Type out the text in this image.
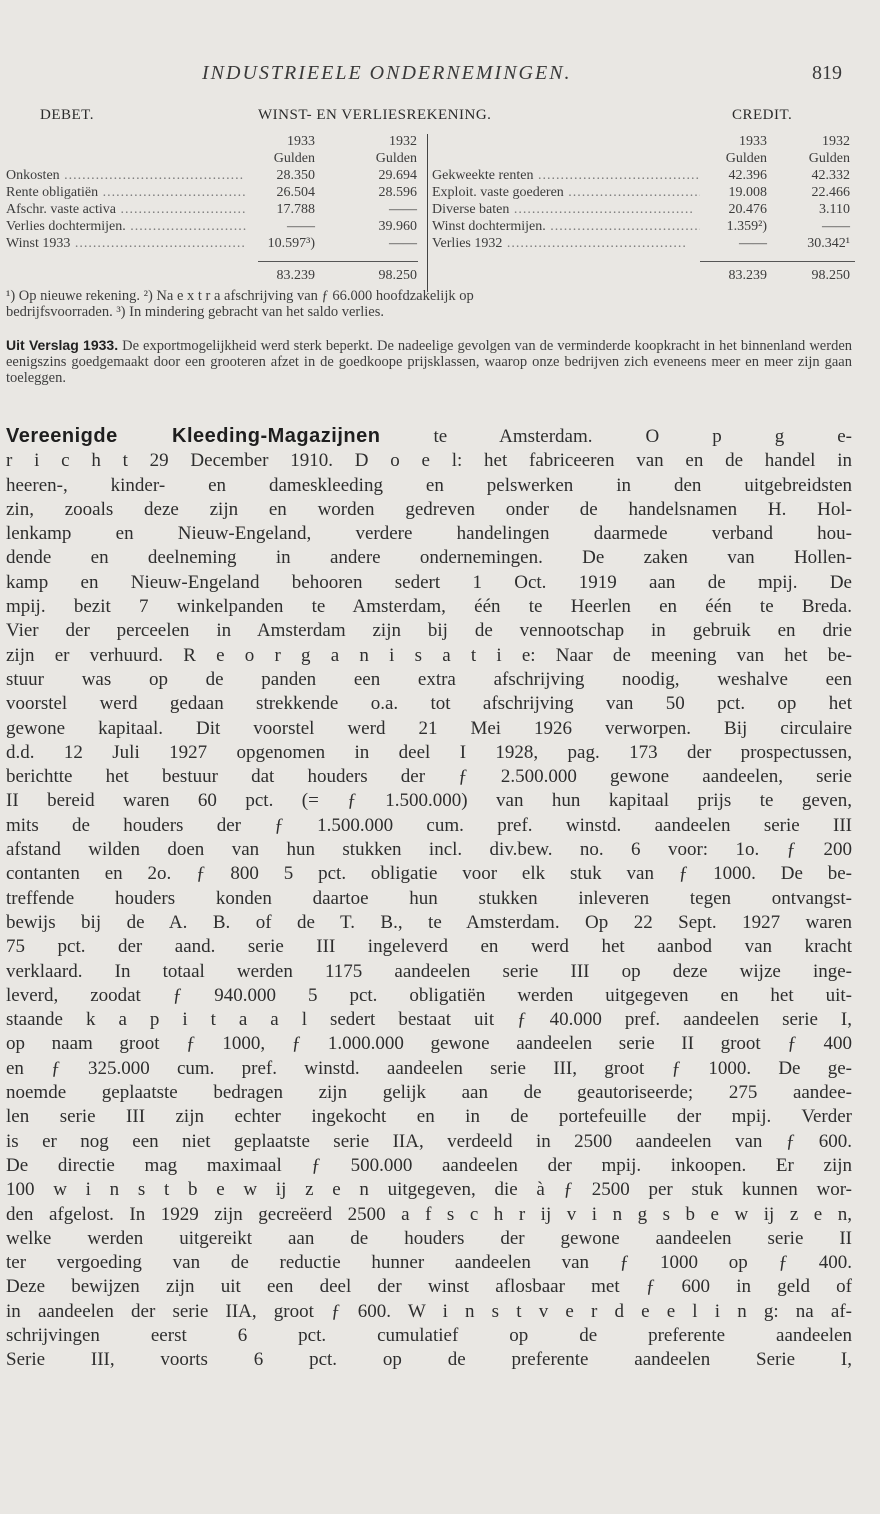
INDUSTRIEELE ONDERNEMINGEN.	819
DEBET.	WINST- EN VERLIESREKENING.	CREDIT.
1933	1932	1933	1932
Gulden	Gulden	Gulden	Gulden
Onkosten .....	28.350	29.694
Rente obligatiën .....	26.504	28.596
Afschr. vaste activa .....	17.788	——
Verlies dochtermijen. .....	——	39.960
Winst 1933 .....	10.597³)	——
Gekweekte renten .....	42.396	42.332
Exploit. vaste goederen .....	19.008	22.466
Diverse baten .....	20.476	3.110
Winst dochtermijen. .....	1.359²)	——
Verlies 1932 .....	——	30.342¹
83.239	98.250	83.239	98.250
¹) Op nieuwe rekening. ²) Na e x t r a afschrijving van ƒ 66.000 hoofdzakelijk op
bedrijfsvoorraden. ³) In mindering gebracht van het saldo verlies.
Uit Verslag 1933. De exportmogelijkheid werd sterk beperkt. De nadeelige gevolgen van de verminderde koopkracht in het binnenland werden eenigszins goedgemaakt door een grooteren afzet in de goedkoope prijsklassen, waarop onze bedrijven zich eveneens meer en meer zijn gaan toeleggen.
Vereenigde Kleeding-Magazijnen	te Amsterdam. O p g e-
r i c h t 29 December 1910. D o e l: het fabriceeren van en de handel in
heeren-, kinder- en dameskleeding en pelswerken in den uitgebreidsten
zin, zooals deze zijn en worden gedreven onder de handelsnamen H. Hol-
lenkamp en Nieuw-Engeland, verdere handelingen daarmede verband hou-
dende en deelneming in andere ondernemingen. De zaken van Hollen-
kamp en Nieuw-Engeland behooren sedert 1 Oct. 1919 aan de mpij. De
mpij. bezit 7 winkelpanden te Amsterdam, één te Heerlen en één te Breda.
Vier der perceelen in Amsterdam zijn bij de vennootschap in gebruik en drie
zijn er verhuurd. R e o r g a n i s a t i e: Naar de meening van het be-
stuur was op de panden een extra afschrijving noodig, weshalve een
voorstel werd gedaan strekkende o.a. tot afschrijving van 50 pct. op het
gewone kapitaal. Dit voorstel werd 21 Mei 1926 verworpen. Bij circulaire
d.d. 12 Juli 1927 opgenomen in deel I 1928, pag. 173 der prospectussen,
berichtte het bestuur dat houders der ƒ 2.500.000 gewone aandeelen, serie
II bereid waren 60 pct. (= ƒ 1.500.000) van hun kapitaal prijs te geven,
mits de houders der ƒ 1.500.000 cum. pref. winstd. aandeelen serie III
afstand wilden doen van hun stukken incl. div.bew. no. 6 voor: 1o. ƒ 200
contanten en 2o. ƒ 800 5 pct. obligatie voor elk stuk van ƒ 1000. De be-
treffende houders konden daartoe hun stukken inleveren tegen ontvangst-
bewijs bij de A. B. of de T. B., te Amsterdam. Op 22 Sept. 1927 waren
75 pct. der aand. serie III ingeleverd en werd het aanbod van kracht
verklaard. In totaal werden 1175 aandeelen serie III op deze wijze inge-
leverd, zoodat ƒ 940.000 5 pct. obligatiën werden uitgegeven en het uit-
staande k a p i t a a l sedert bestaat uit ƒ 40.000 pref. aandeelen serie I,
op naam groot ƒ 1000, ƒ 1.000.000 gewone aandeelen serie II groot ƒ 400
en ƒ 325.000 cum. pref. winstd. aandeelen serie III, groot ƒ 1000. De ge-
noemde geplaatste bedragen zijn gelijk aan de geautoriseerde; 275 aandee-
len serie III zijn echter ingekocht en in de portefeuille der mpij. Verder
is er nog een niet geplaatste serie IIA, verdeeld in 2500 aandeelen van ƒ 600.
De directie mag maximaal ƒ 500.000 aandeelen der mpij. inkoopen. Er zijn
100 w i n s t b e w ij z e n uitgegeven, die à ƒ 2500 per stuk kunnen wor-
den afgelost. In 1929 zijn gecreëerd 2500 a f s c h r ij v i n g s b e w ij z e n,
welke werden uitgereikt aan de houders der gewone aandeelen serie II
ter vergoeding van de reductie hunner aandeelen van ƒ 1000 op ƒ 400.
Deze bewijzen zijn uit een deel der winst aflosbaar met ƒ 600 in geld of
in aandeelen der serie IIA, groot ƒ 600. W i n s t v e r d e e l i n g: na af-
schrijvingen eerst 6 pct. cumulatief op de preferente aandeelen
Serie III, voorts 6 pct. op de preferente aandeelen Serie I,
